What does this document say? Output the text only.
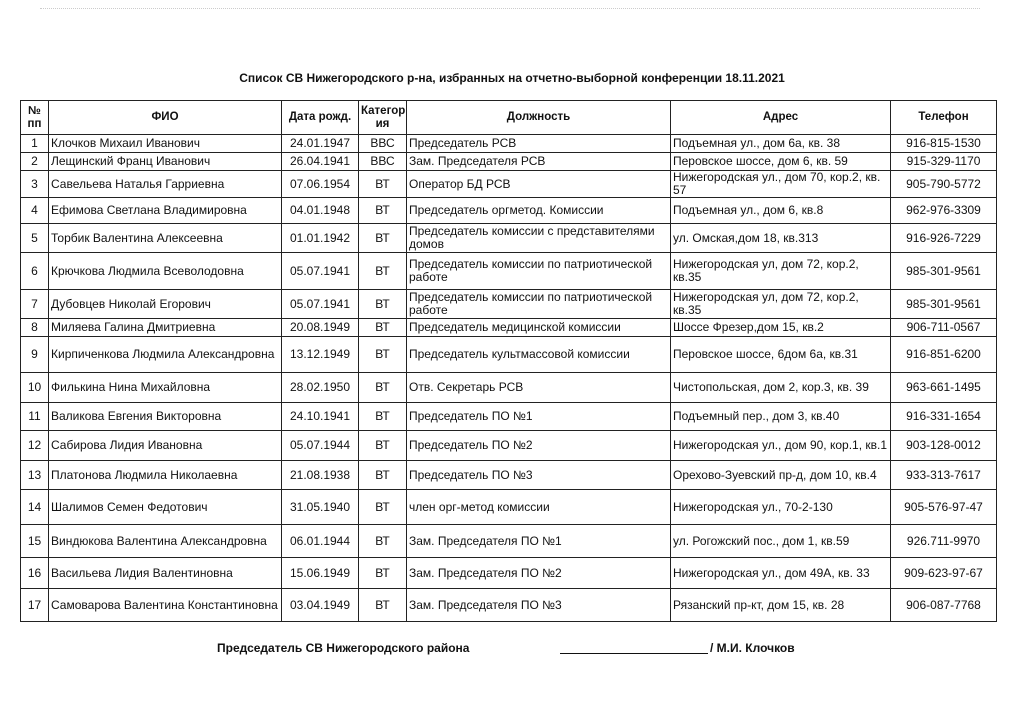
Список СВ Нижегородского р-на, избранных на отчетно-выборной конференции 18.11.2021
№ пп	ФИО	Дата рожд.	Категор ия	Должность	Адрес	Телефон
1	Клочков Михаил Иванович	24.01.1947	ВВС	Председатель РСВ	Подъемная ул., дом 6а, кв. 38	916-815-1530
2	Лещинский Франц Иванович	26.04.1941	ВВС	Зам. Председателя РСВ	Перовское шоссе, дом 6, кв. 59	915-329-1170
3	Савельева Наталья Гарриевна	07.06.1954	ВТ	Оператор БД РСВ	Нижегородская ул., дом 70, кор.2, кв. 57	905-790-5772
4	Ефимова Светлана Владимировна	04.01.1948	ВТ	Председатель оргметод. Комиссии	Подъемная ул., дом 6, кв.8	962-976-3309
5	Торбик Валентина Алексеевна	01.01.1942	ВТ	Председатель комиссии с представителями домов	ул. Омская,дом 18, кв.313	916-926-7229
6	Крючкова Людмила Всеволодовна	05.07.1941	ВТ	Председатель комиссии по патриотической работе	Нижегородская ул, дом 72, кор.2, кв.35	985-301-9561
7	Дубовцев Николай Егорович	05.07.1941	ВТ	Председатель комиссии по патриотической работе	Нижегородская ул, дом 72, кор.2, кв.35	985-301-9561
8	Миляева Галина Дмитриевна	20.08.1949	ВТ	Председатель медицинской комиссии	Шоссе Фрезер,дом 15, кв.2	906-711-0567
9	Кирпиченкова Людмила Александровна	13.12.1949	ВТ	Председатель культмассовой комиссии	Перовское шоссе, 6дом 6а, кв.31	916-851-6200
10	Филькина Нина Михайловна	28.02.1950	ВТ	Отв. Секретарь РСВ	Чистопольская, дом 2, кор.3, кв. 39	963-661-1495
11	Валикова Евгения Викторовна	24.10.1941	ВТ	Председатель ПО №1	Подъемный пер., дом 3, кв.40	916-331-1654
12	Сабирова Лидия Ивановна	05.07.1944	ВТ	Председатель ПО №2	Нижегородская ул., дом 90, кор.1, кв.1	903-128-0012
13	Платонова Людмила Николаевна	21.08.1938	ВТ	Председатель ПО №3	Орехово-Зуевский пр-д, дом 10, кв.4	933-313-7617
14	Шалимов Семен Федотович	31.05.1940	ВТ	член орг-метод комиссии	Нижегородская ул., 70-2-130	905-576-97-47
15	Виндюкова Валентина Александровна	06.01.1944	ВТ	Зам. Председателя ПО №1	ул. Рогожский пос., дом 1, кв.59	926.711-9970
16	Васильева Лидия Валентиновна	15.06.1949	ВТ	Зам. Председателя ПО №2	Нижегородская ул., дом 49А, кв. 33	909-623-97-67
17	Самоварова Валентина Константиновна	03.04.1949	ВТ	Зам. Председателя ПО №3	Рязанский пр-кт, дом 15, кв. 28	906-087-7768
Председатель СВ Нижегородского района	/ М.И. Клочков
